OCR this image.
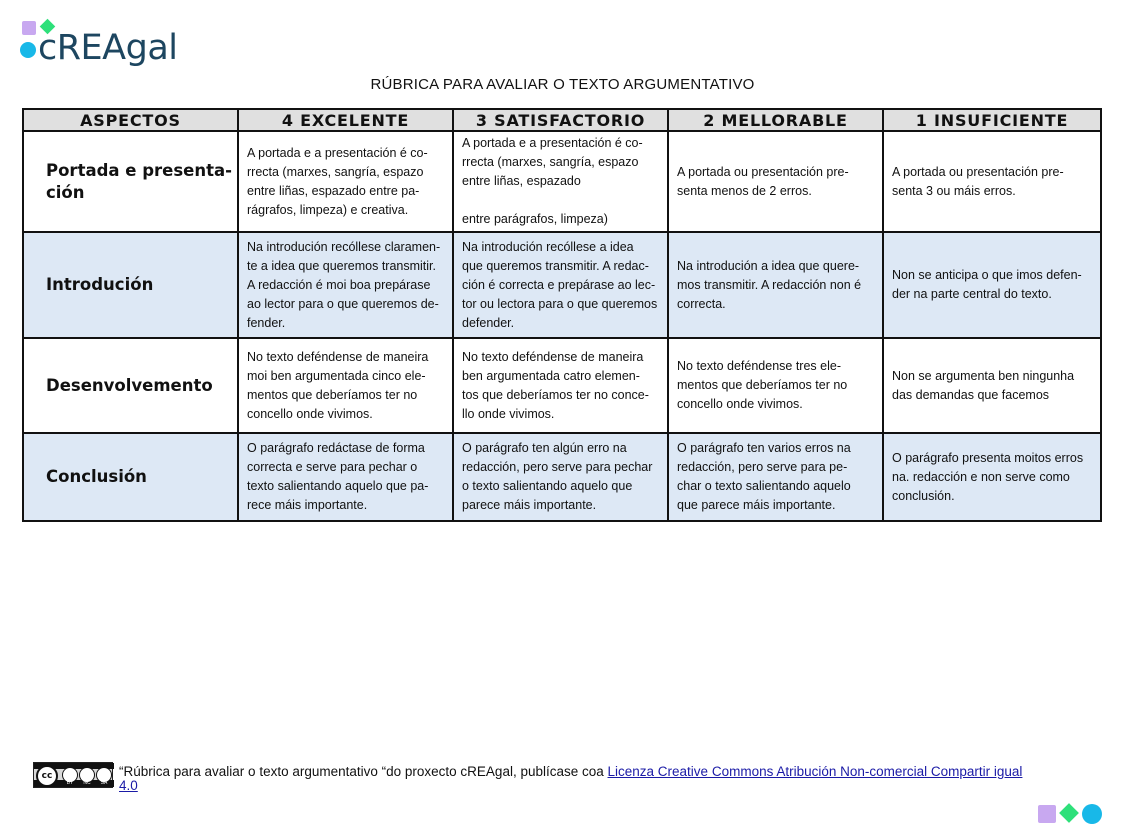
cREAgal
RÚBRICA PARA AVALIAR O TEXTO ARGUMENTATIVO
ASPECTOS	4 EXCELENTE	3 SATISFACTORIO	2 MELLORABLE	1 INSUFICIENTE
Portada e presenta-
ción	A portada e a presentación é co-
rrecta (marxes, sangría, espazo
entre liñas, espazado entre pa-
rágrafos, limpeza) e creativa.	A portada e a presentación é co-
rrecta (marxes, sangría, espazo
entre liñas, espazado

entre parágrafos, limpeza)	A portada ou presentación pre-
senta menos de 2 erros.	A portada ou presentación pre-
senta 3 ou máis erros.
Introdución	Na introdución recóllese claramen-
te a idea que queremos transmitir.
A redacción é moi boa prepárase
ao lector para o que queremos de-
fender.	Na introdución recóllese a idea
que queremos transmitir. A redac-
ción é correcta e prepárase ao lec-
tor ou lectora para o que queremos
defender.	Na introdución a idea que quere-
mos transmitir. A redacción non é
correcta.	Non se anticipa o que imos defen-
der na parte central do texto.
Desenvolvemento	No texto deféndense de maneira
moi ben argumentada cinco ele-
mentos que deberíamos ter no
concello onde vivimos.	No texto deféndense de maneira
ben argumentada catro elemen-
tos que deberíamos ter no conce-
llo onde vivimos.	No texto deféndense tres ele-
mentos que deberíamos ter no
concello onde vivimos.	Non se argumenta ben ningunha
das demandas que facemos
Conclusión	O parágrafo redáctase de forma
correcta e serve para pechar o
texto salientando aquelo que pa-
rece máis importante.	O parágrafo ten algún erro na
redacción, pero serve para pechar
o texto salientando aquelo que
parece máis importante.	O parágrafo ten varios erros na
redacción, pero serve para pe-
char o texto salientando aquelo
que parece máis importante.	O parágrafo presenta moitos erros
na. redacción e non serve como
conclusión.
cc
BY	NC	SA
“Rúbrica para avaliar o texto argumentativo “do proxecto cREAgal, publícase coa Licenza Creative Commons Atribución Non-comercial Compartir igual 4.0
